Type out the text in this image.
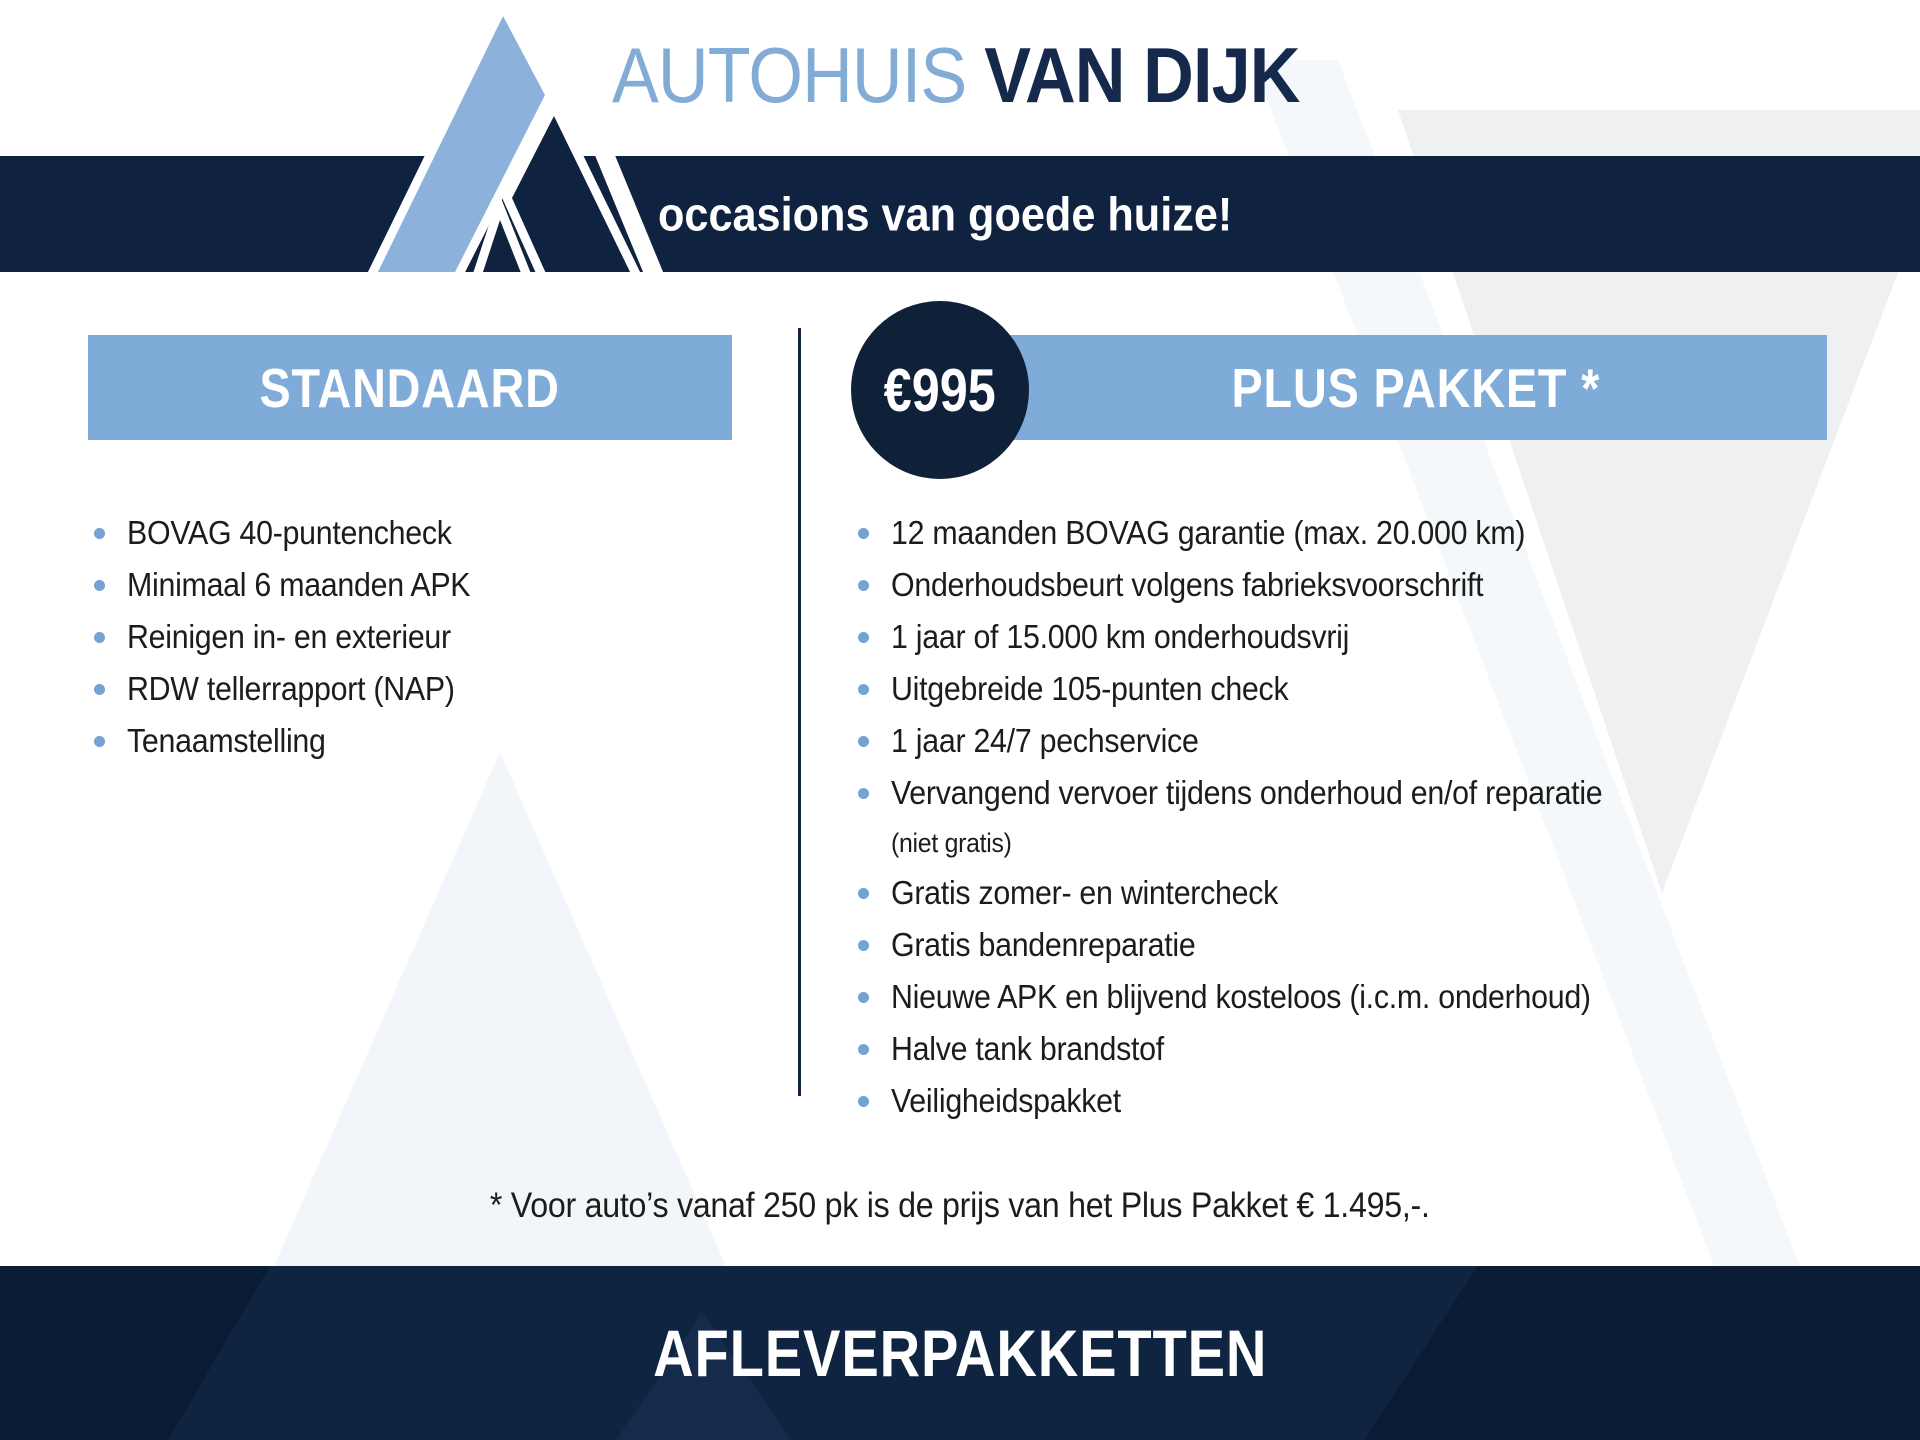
occasions van goede huize!
AUTOHUIS VAN DIJK
STANDAARD	PLUS PAKKET *
€995
BOVAG 40-puntencheck
Minimaal 6 maanden APK
Reinigen in- en exterieur
RDW tellerrapport (NAP)
Tenaamstelling
12 maanden BOVAG garantie (max. 20.000 km)
Onderhoudsbeurt volgens fabrieksvoorschrift
1 jaar of 15.000 km onderhoudsvrij
Uitgebreide 105-punten check
1 jaar 24/7 pechservice
Vervangend vervoer tijdens onderhoud en/of reparatie
(niet gratis)
Gratis zomer- en wintercheck
Gratis bandenreparatie
Nieuwe APK en blijvend kosteloos (i.c.m. onderhoud)
Halve tank brandstof
Veiligheidspakket
* Voor auto’s vanaf 250 pk is de prijs van het Plus Pakket € 1.495,-.
AFLEVERPAKKETTEN
